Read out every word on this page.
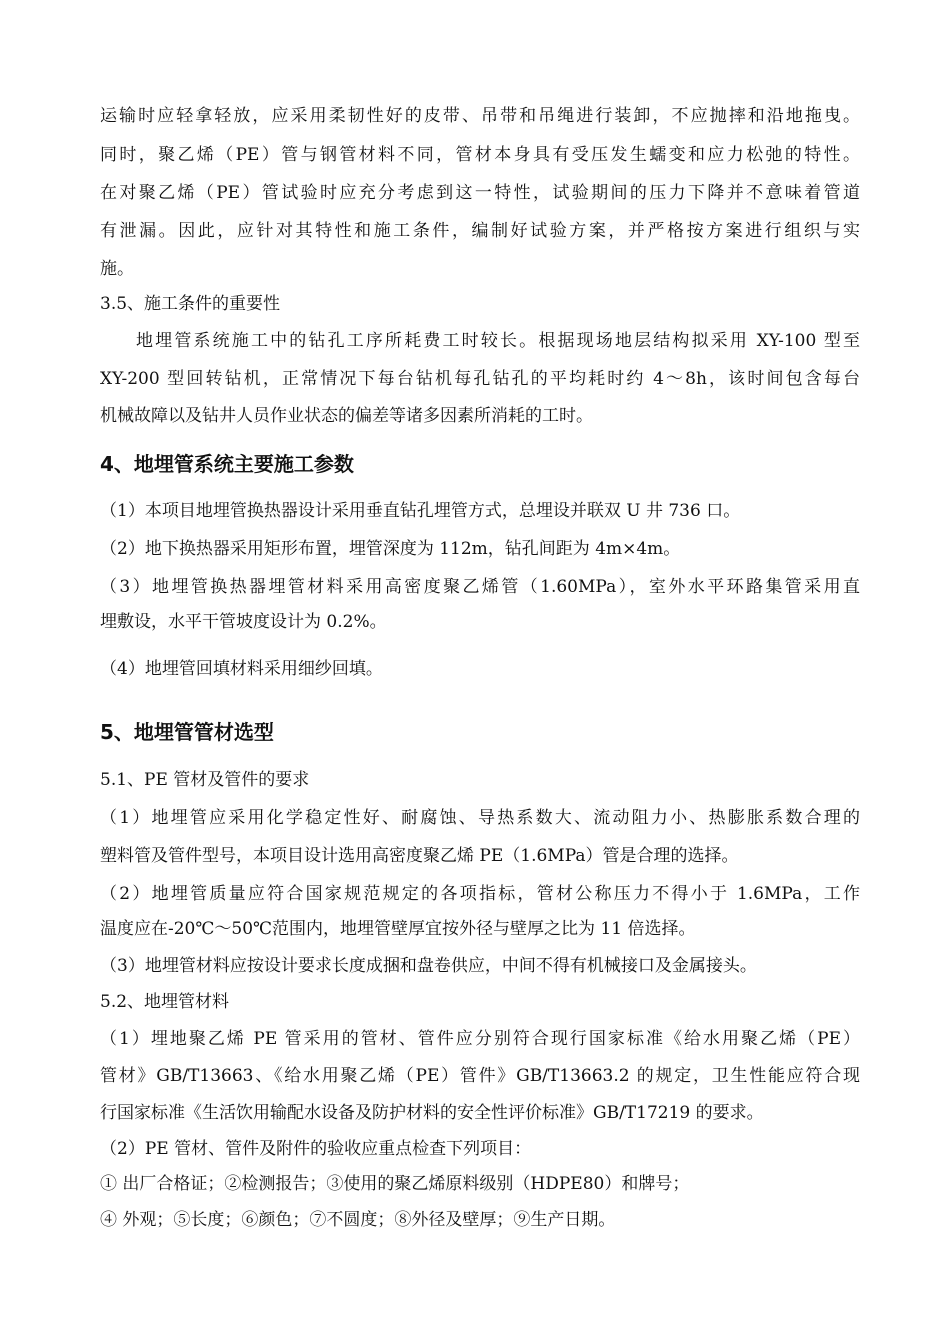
运输时应轻拿轻放，应采用柔韧性好的皮带、吊带和吊绳进行装卸，不应抛摔和沿地拖曳。
同时，聚乙烯（PE）管与钢管材料不同，管材本身具有受压发生蠕变和应力松弛的特性。
在对聚乙烯（PE）管试验时应充分考虑到这一特性，试验期间的压力下降并不意味着管道
有泄漏。因此，应针对其特性和施工条件，编制好试验方案，并严格按方案进行组织与实
施。
3.5、施工条件的重要性
地埋管系统施工中的钻孔工序所耗费工时较长。根据现场地层结构拟采用 XY-100 型至
XY-200 型回转钻机，正常情况下每台钻机每孔钻孔的平均耗时约 4～8h，该时间包含每台
机械故障以及钻井人员作业状态的偏差等诸多因素所消耗的工时。
4、地埋管系统主要施工参数
（1）本项目地埋管换热器设计采用垂直钻孔埋管方式，总埋设并联双 U 井 736 口。
（2）地下换热器采用矩形布置，埋管深度为 112m，钻孔间距为 4m×4m。
（3）地埋管换热器埋管材料采用高密度聚乙烯管（1.60MPa），室外水平环路集管采用直
埋敷设，水平干管坡度设计为 0.2%。
（4）地埋管回填材料采用细纱回填。
5、地埋管管材选型
5.1、PE 管材及管件的要求
（1）地埋管应采用化学稳定性好、耐腐蚀、导热系数大、流动阻力小、热膨胀系数合理的
塑料管及管件型号，本项目设计选用高密度聚乙烯 PE（1.6MPa）管是合理的选择。
（2）地埋管质量应符合国家规范规定的各项指标，管材公称压力不得小于 1.6MPa，工作
温度应在-20℃～50℃范围内，地埋管壁厚宜按外径与壁厚之比为 11 倍选择。
（3）地埋管材料应按设计要求长度成捆和盘卷供应，中间不得有机械接口及金属接头。
5.2、地埋管材料
（1）埋地聚乙烯 PE 管采用的管材、管件应分别符合现行国家标准《给水用聚乙烯（PE）
管材》GB/T13663、《给水用聚乙烯（PE）管件》GB/T13663.2 的规定，卫生性能应符合现
行国家标准《生活饮用输配水设备及防护材料的安全性评价标准》GB/T17219 的要求。
（2）PE 管材、管件及附件的验收应重点检查下列项目：
① 出厂合格证；②检测报告；③使用的聚乙烯原料级别（HDPE80）和牌号；
④ 外观；⑤长度；⑥颜色；⑦不圆度；⑧外径及壁厚；⑨生产日期。
